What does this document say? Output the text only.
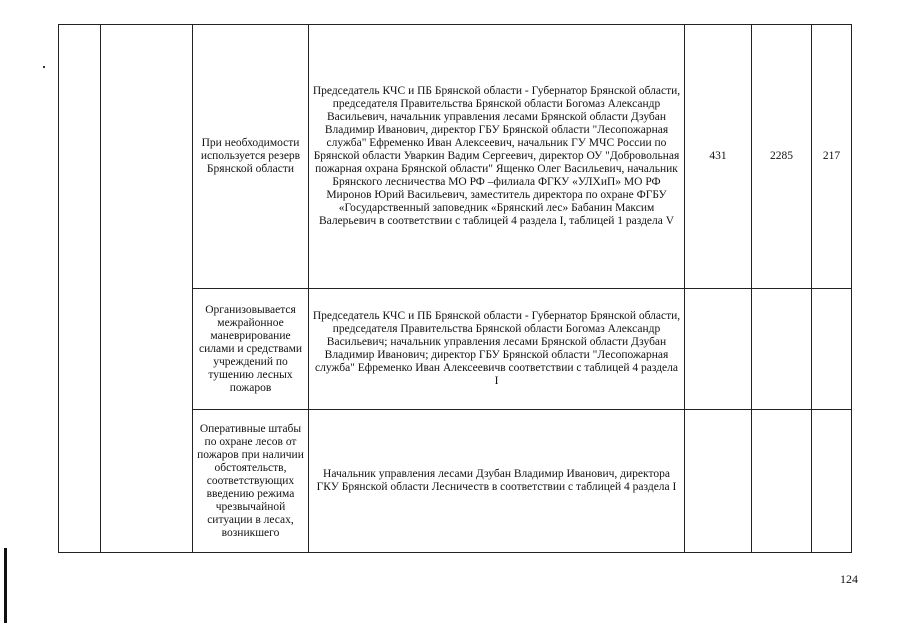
		При необходимости используется резерв Брянской области	Председатель КЧС и ПБ Брянской области - Губернатор Брянской области, председателя Правительства Брянской области Богомаз Александр Васильевич, начальник управления лесами Брянской области Дзубан Владимир Иванович, директор ГБУ Брянской области "Лесопожарная служба" Ефременко Иван Алексеевич, начальник ГУ МЧС России по Брянской области Уваркин Вадим Сергеевич, директор ОУ "Добровольная пожарная охрана Брянской области" Ященко Олег Васильевич, начальник Брянского лесничества МО РФ –филиала ФГКУ «УЛХиП» МО РФ Миронов Юрий Васильевич, заместитель директора по охране ФГБУ «Государственный заповедник «Брянский лес» Бабанин Максим Валерьевич в соответствии с таблицей 4 раздела I, таблицей 1 раздела V	431	2285	217
		Организовывается межрайонное маневрирование силами и средствами учреждений по тушению лесных пожаров	Председатель КЧС и ПБ Брянской области - Губернатор Брянской области, председателя Правительства Брянской области Богомаз Александр Васильевич; начальник управления лесами Брянской области Дзубан Владимир Иванович; директор ГБУ Брянской области "Лесопожарная служба" Ефременко Иван Алексеевичв соответствии с таблицей 4 раздела I			
		Оперативные штабы по охране лесов от пожаров при наличии обстоятельств, соответствующих введению режима чрезвычайной ситуации в лесах, возникшего	Начальник управления лесами Дзубан Владимир Иванович, директора ГКУ Брянской области Лесничеств в соответствии с таблицей 4 раздела I			
124
